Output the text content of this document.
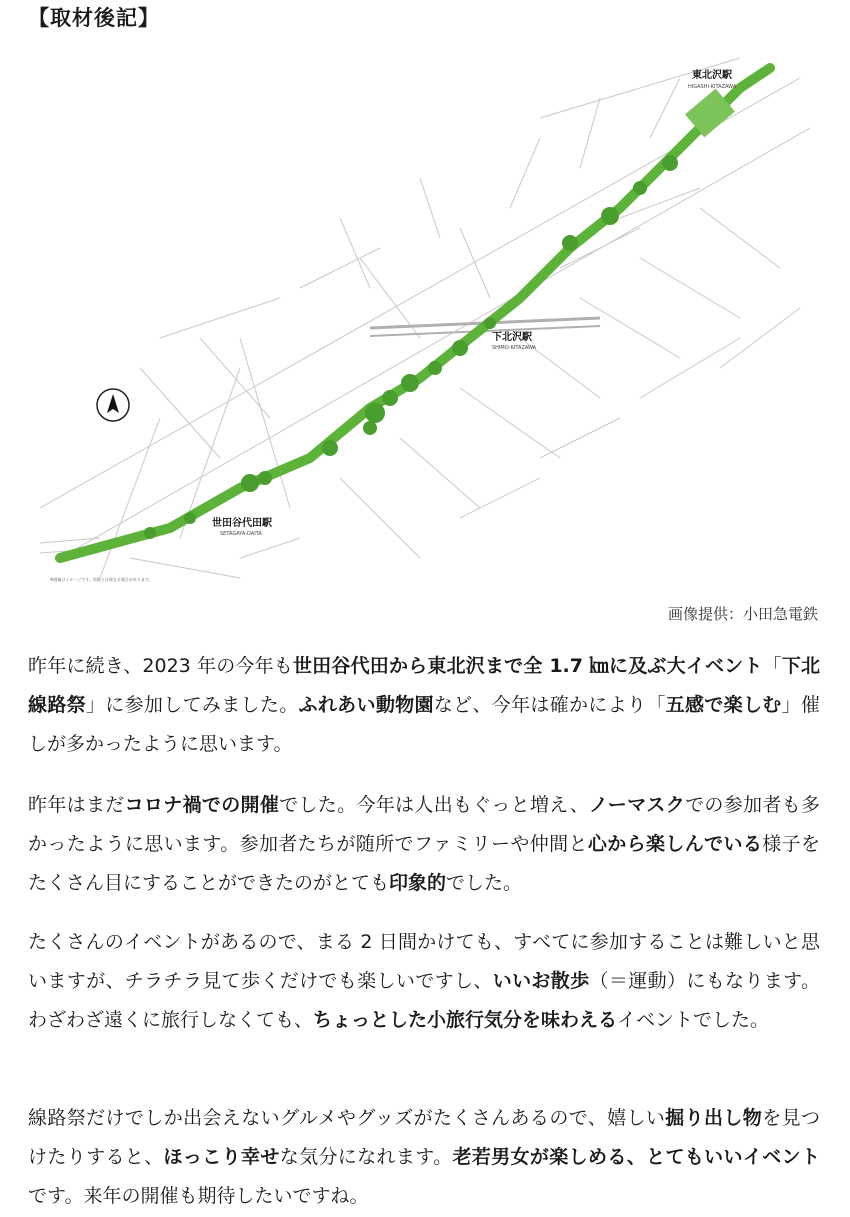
【取材後記】
東北沢駅
HIGASHI-KITAZAWA
下北沢駅
SHIMO-KITAZAWA
世田谷代田駅
SETAGAYA-DAITA
※画像はイメージです。実際とは異なる場合があります。
画像提供：小田急電鉄

昨年に続き、2023 年の今年も世田谷代田から東北沢まで全 1.7 ㎞に及ぶ大イベント「下北線路祭」に参加してみました。ふれあい動物園など、今年は確かにより「五感で楽しむ」催しが多かったように思います。

昨年はまだコロナ禍での開催でした。今年は人出もぐっと増え、ノーマスクでの参加者も多かったように思います。参加者たちが随所でファミリーや仲間と心から楽しんでいる様子をたくさん目にすることができたのがとても印象的でした。

たくさんのイベントがあるので、まる 2 日間かけても、すべてに参加することは難しいと思いますが、チラチラ見て歩くだけでも楽しいですし、いいお散歩（＝運動）にもなります。わざわざ遠くに旅行しなくても、ちょっとした小旅行気分を味わえるイベントでした。

線路祭だけでしか出会えないグルメやグッズがたくさんあるので、嬉しい掘り出し物を見つけたりすると、ほっこり幸せな気分になれます。老若男女が楽しめる、とてもいいイベントです。来年の開催も期待したいですね。
